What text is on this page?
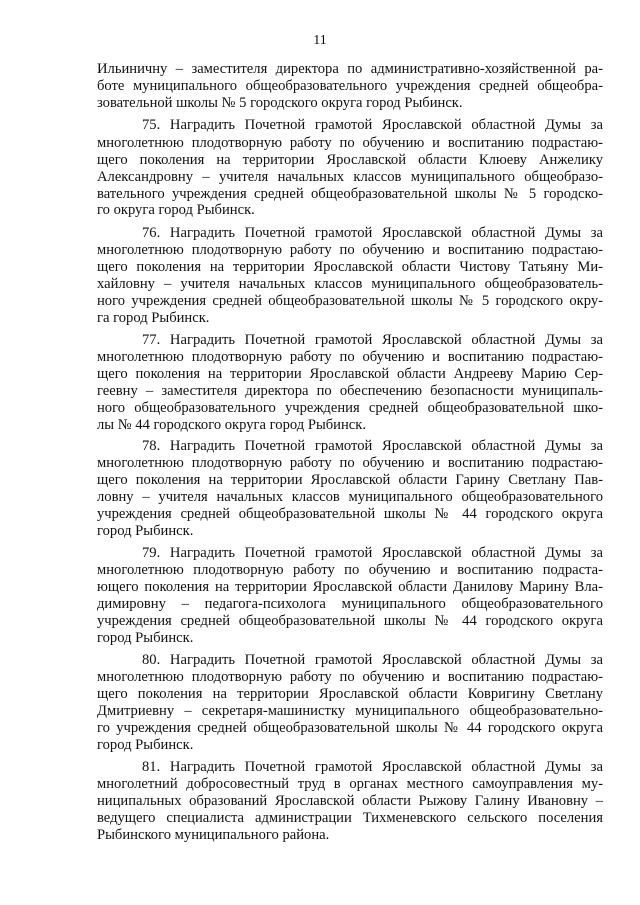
11
Ильиничну – заместителя директора по административно-хозяйственной ра-
боте муниципального общеобразовательного учреждения средней общеобра-
зовательной школы № 5 городского округа город Рыбинск.
75. Наградить Почетной грамотой Ярославской областной Думы за
многолетнюю плодотворную работу по обучению и воспитанию подрастаю-
щего поколения на территории Ярославской области Клюеву Анжелику
Александровну – учителя начальных классов муниципального общеобразо-
вательного учреждения средней общеобразовательной школы № 5 городско-
го округа город Рыбинск.
76. Наградить Почетной грамотой Ярославской областной Думы за
многолетнюю плодотворную работу по обучению и воспитанию подрастаю-
щего поколения на территории Ярославской области Чистову Татьяну Ми-
хайловну – учителя начальных классов муниципального общеобразователь-
ного учреждения средней общеобразовательной школы № 5 городского окру-
га город Рыбинск.
77. Наградить Почетной грамотой Ярославской областной Думы за
многолетнюю плодотворную работу по обучению и воспитанию подрастаю-
щего поколения на территории Ярославской области Андрееву Марию Сер-
геевну – заместителя директора по обеспечению безопасности муниципаль-
ного общеобразовательного учреждения средней общеобразовательной шко-
лы № 44 городского округа город Рыбинск.
78. Наградить Почетной грамотой Ярославской областной Думы за
многолетнюю плодотворную работу по обучению и воспитанию подрастаю-
щего поколения на территории Ярославской области Гарину Светлану Пав-
ловну – учителя начальных классов муниципального общеобразовательного
учреждения средней общеобразовательной школы № 44 городского округа
город Рыбинск.
79. Наградить Почетной грамотой Ярославской областной Думы за
многолетнюю плодотворную работу по обучению и воспитанию подраста-
ющего поколения на территории Ярославской области Данилову Марину Вла-
димировну – педагога-психолога муниципального общеобразовательного
учреждения средней общеобразовательной школы № 44 городского округа
город Рыбинск.
80. Наградить Почетной грамотой Ярославской областной Думы за
многолетнюю плодотворную работу по обучению и воспитанию подрастаю-
щего поколения на территории Ярославской области Ковригину Светлану
Дмитриевну – секретаря-машинистку муниципального общеобразовательно-
го учреждения средней общеобразовательной школы № 44 городского округа
город Рыбинск.
81. Наградить Почетной грамотой Ярославской областной Думы за
многолетний добросовестный труд в органах местного самоуправления му-
ниципальных образований Ярославской области Рыжову Галину Ивановну –
ведущего специалиста администрации Тихменевского сельского поселения
Рыбинского муниципального района.
